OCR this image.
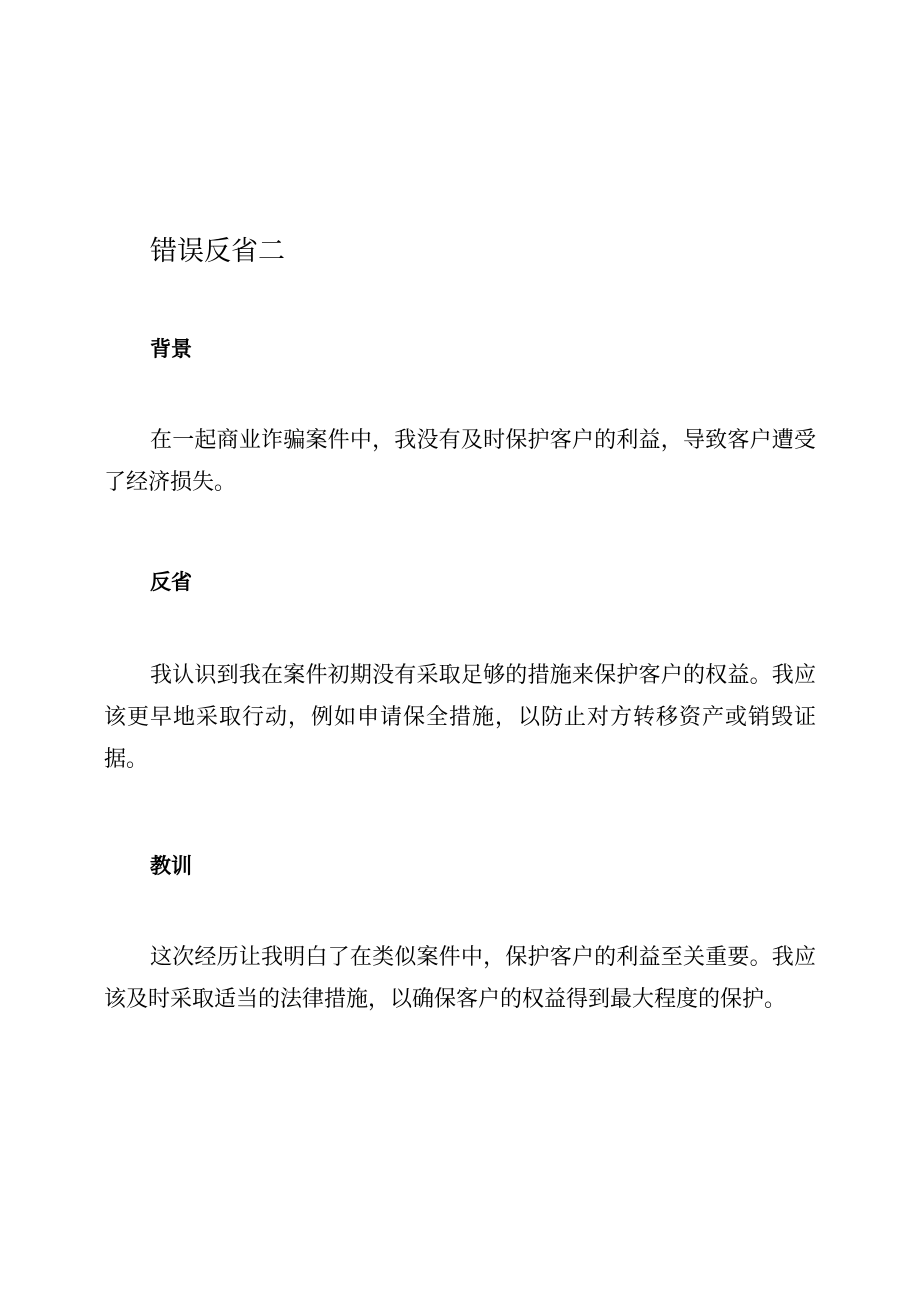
错误反省二
背景

在一起商业诈骗案件中，我没有及时保护客户的利益，导致客户遭受了经济损失。

反省

我认识到我在案件初期没有采取足够的措施来保护客户的权益。我应该更早地采取行动，例如申请保全措施，以防止对方转移资产或销毁证据。

教训

这次经历让我明白了在类似案件中，保护客户的利益至关重要。我应该及时采取适当的法律措施，以确保客户的权益得到最大程度的保护。
